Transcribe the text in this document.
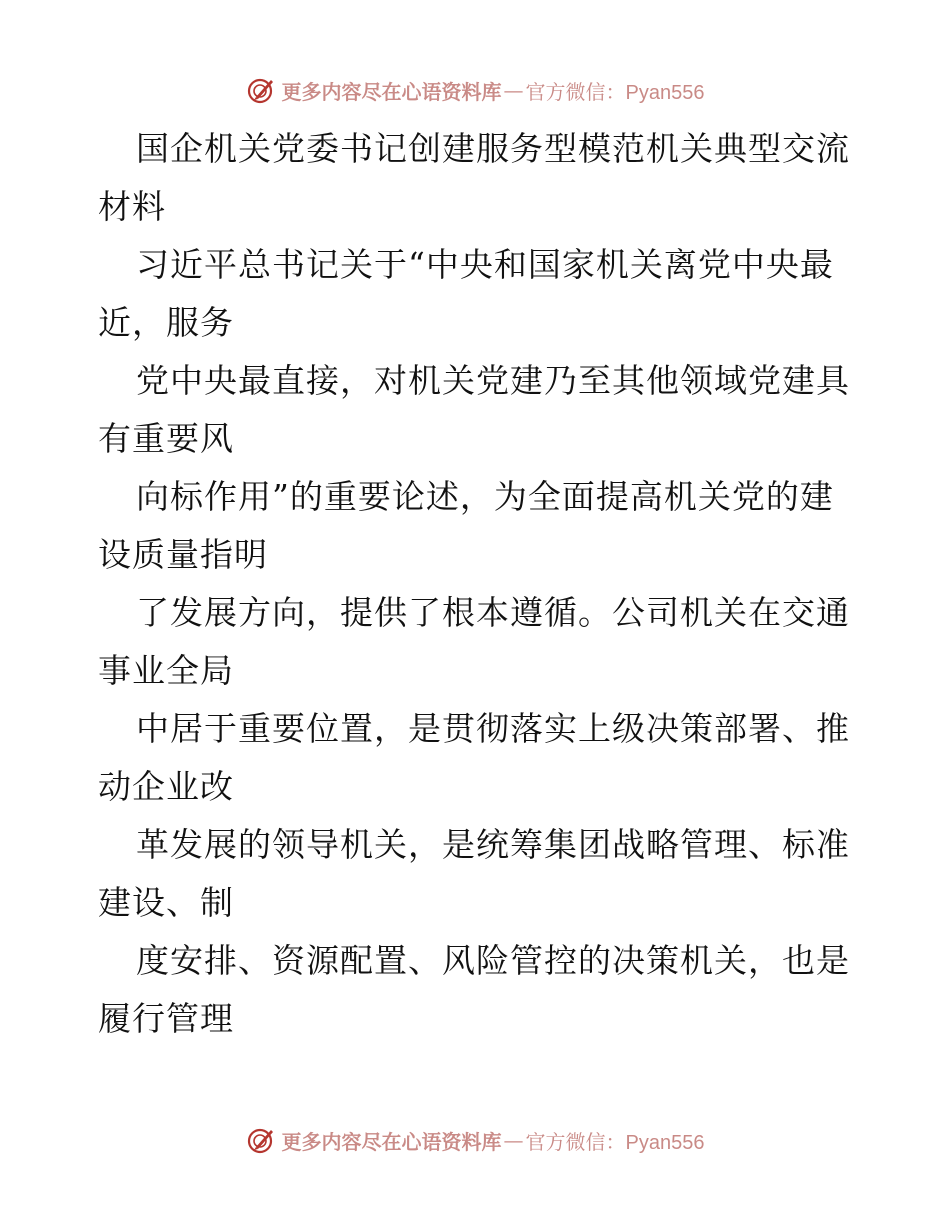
更多内容尽在心语资料库 — 官方微信：Pyan556

国企机关党委书记创建服务型模范机关典型交流
材料

习近平总书记关于“中央和国家机关离党中央最
近，服务

党中央最直接，对机关党建乃至其他领域党建具
有重要风

向标作用”的重要论述，为全面提高机关党的建
设质量指明

了发展方向，提供了根本遵循。公司机关在交通
事业全局

中居于重要位置，是贯彻落实上级决策部署、推
动企业改

革发展的领导机关，是统筹集团战略管理、标准
建设、制

度安排、资源配置、风险管控的决策机关，也是
履行管理

更多内容尽在心语资料库 — 官方微信：Pyan556
